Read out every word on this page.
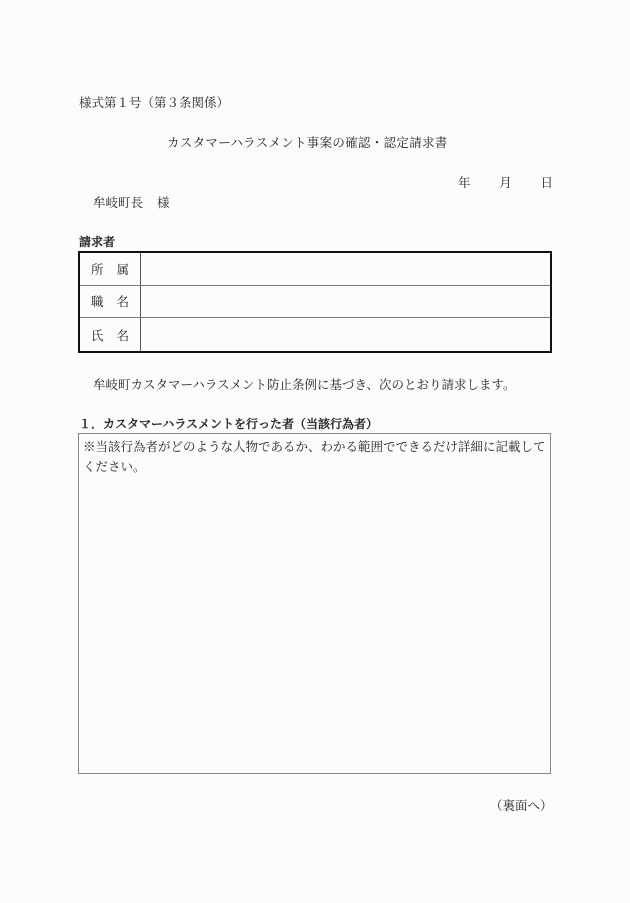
様式第１号（第３条関係）
カスタマーハラスメント事案の確認・認定請求書
年 月 日
牟岐町長 様
請求者
所 属
職 名
氏 名
牟岐町カスタマーハラスメント防止条例に基づき、次のとおり請求します。
１．カスタマーハラスメントを行った者（当該行為者）
※当該行為者がどのような人物であるか、わかる範囲でできるだけ詳細に記載してください。
（裏面へ）
